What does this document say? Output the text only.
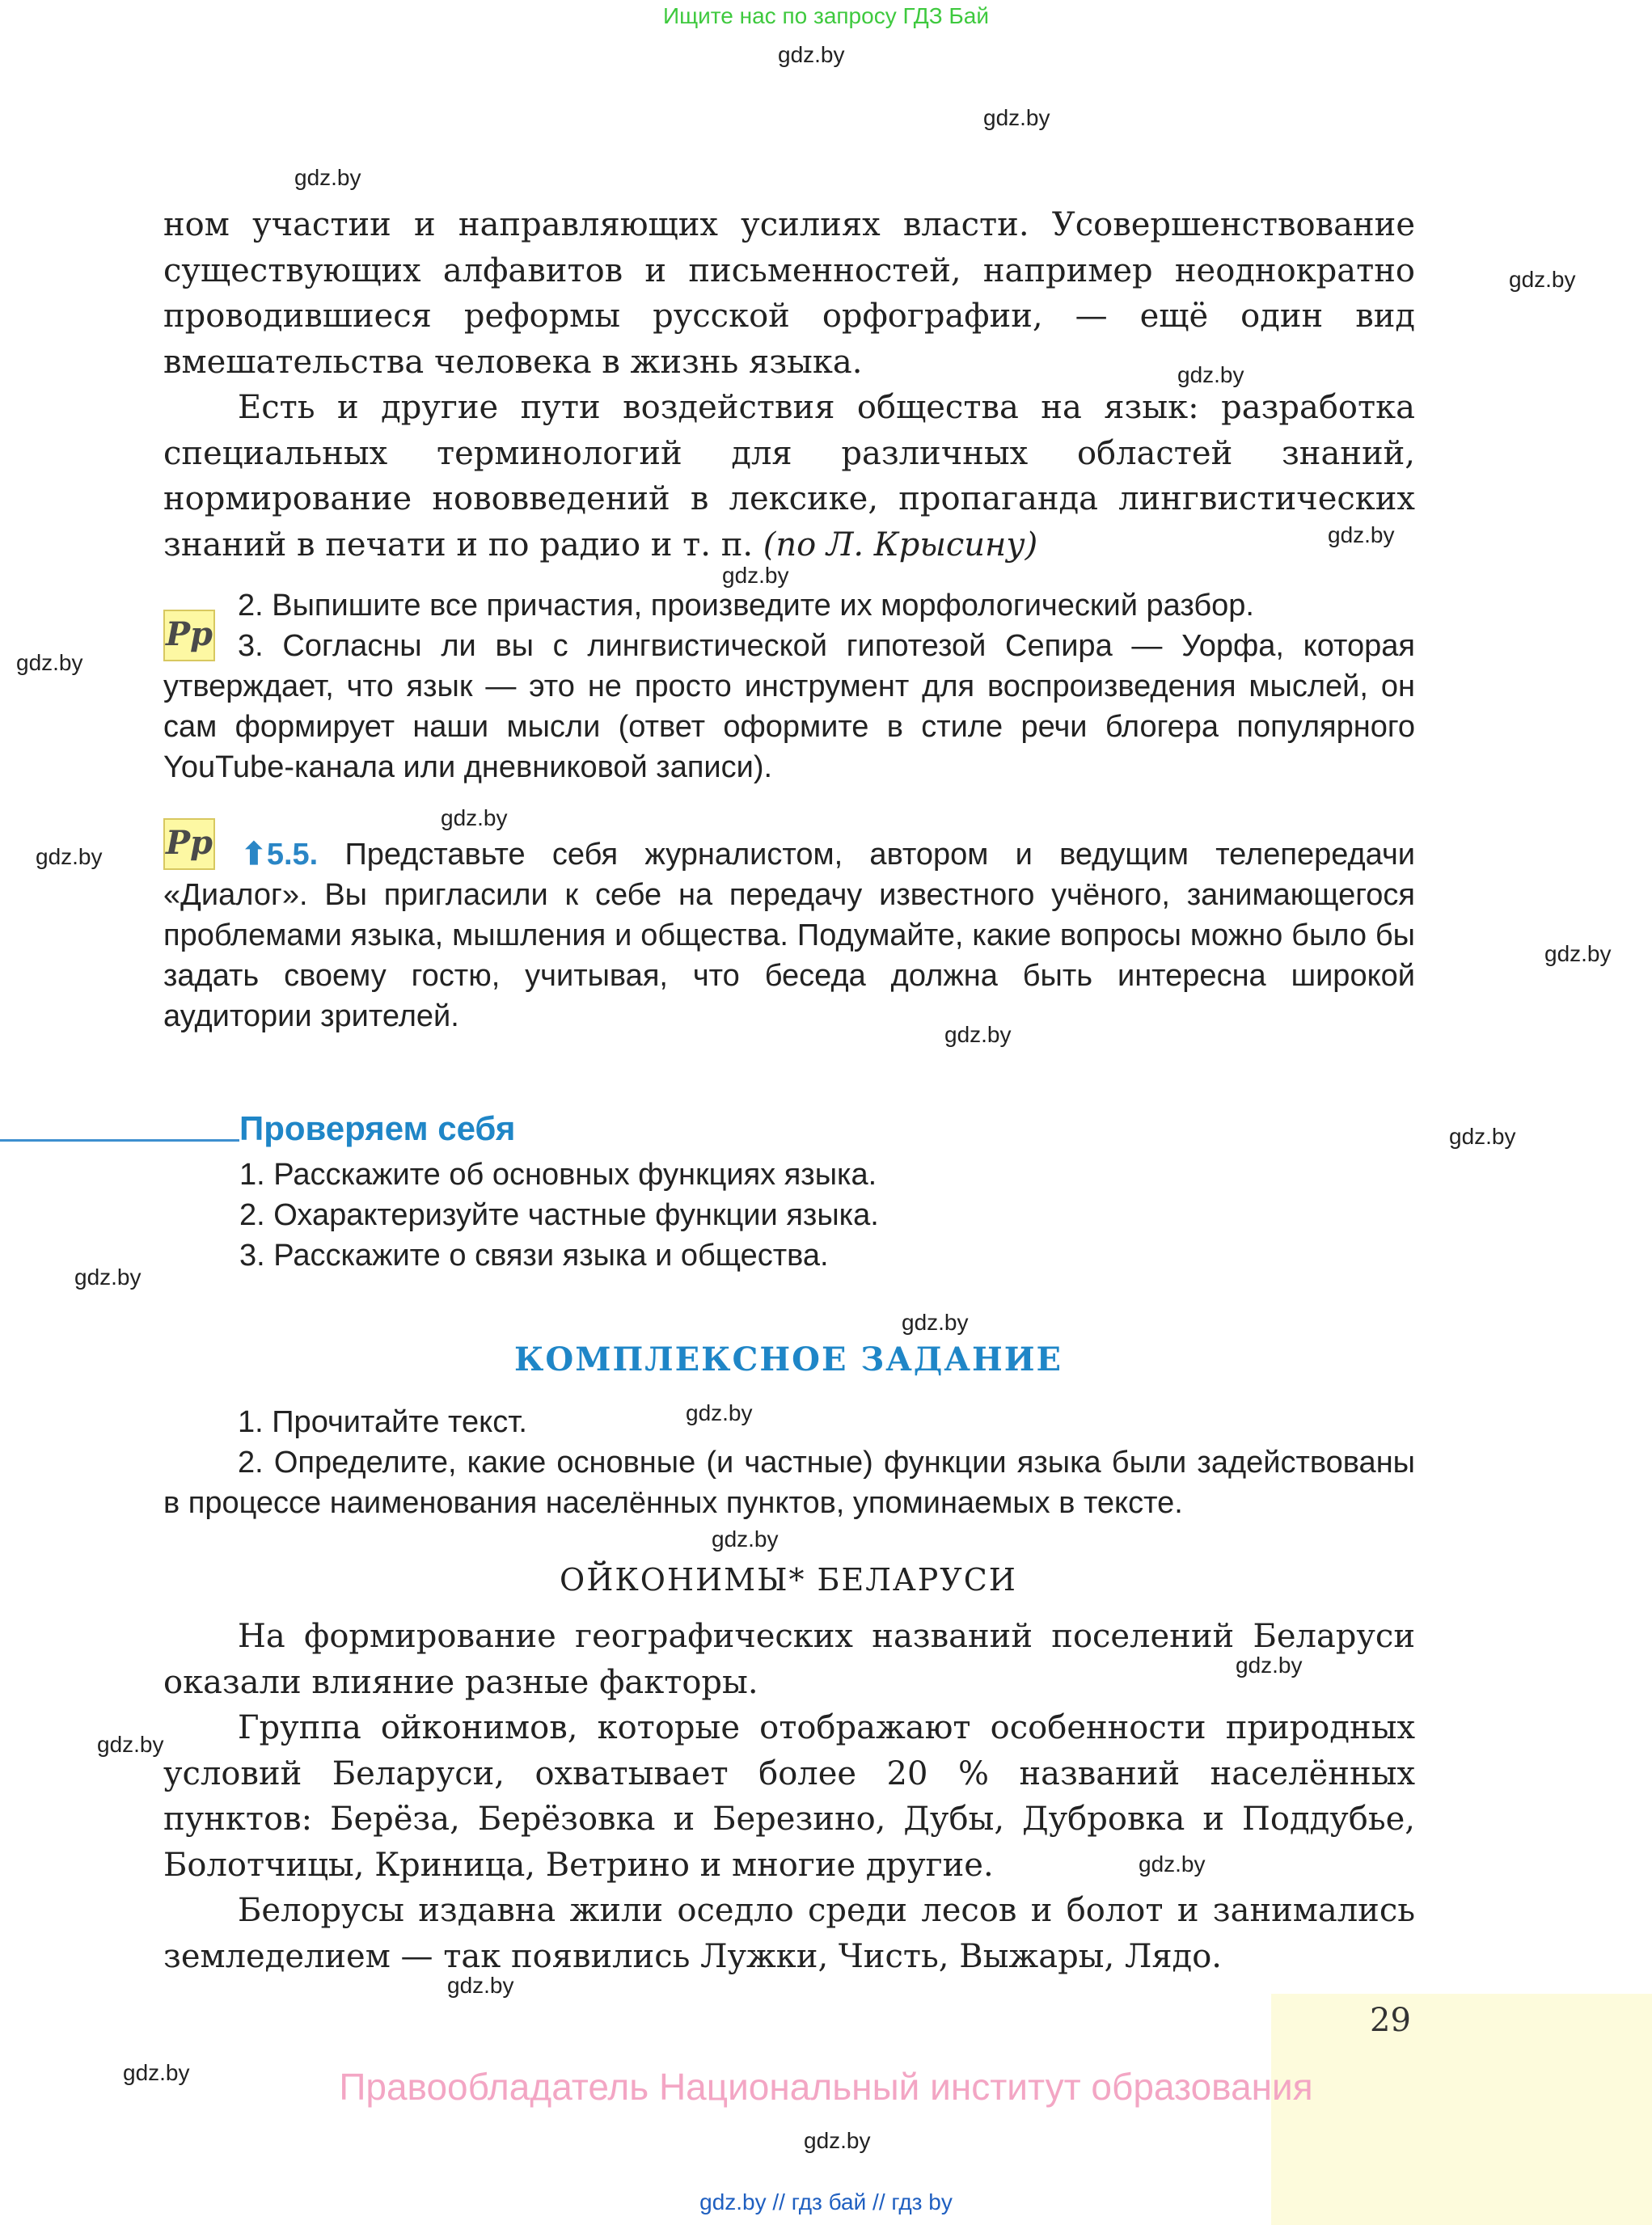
Ищите нас по запросу ГДЗ Бай
gdz.by
gdz.by
gdz.by
gdz.by
gdz.by
gdz.by
gdz.by
gdz.by
gdz.by
gdz.by
gdz.by
gdz.by
gdz.by
gdz.by
gdz.by
gdz.by
gdz.by
gdz.by
gdz.by
gdz.by
gdz.by
gdz.by
gdz.by

ном участии и направляющих усилиях власти. Усовершенствование существующих алфавитов и письменностей, например неоднократно проводившиеся реформы русской орфографии, — ещё один вид вмешательства человека в жизнь языка.

Есть и другие пути воздействия общества на язык: разработка специальных терминологий для различных областей знаний, нормирование нововведений в лексике, пропаганда лингвистических знаний в печати и по радио и т. п. (по Л. Крысину)

Pp

2. Выпишите все причастия, произведите их морфологический разбор.

3. Согласны ли вы с лингвистической гипотезой Сепира — Уорфа, которая утверждает, что язык — это не просто инструмент для воспроизведения мыслей, он сам формирует наши мысли (ответ оформите в стиле речи блогера популярного YouTube-канала или дневниковой записи).

Pp ⬆5.5. Представьте себя журналистом, автором и ведущим телепередачи «Диалог». Вы пригласили к себе на передачу известного учёного, занимающегося проблемами языка, мышления и общества. Подумайте, какие вопросы можно было бы задать своему гостю, учитывая, что беседа должна быть интересна широкой аудитории зрителей.

Проверяем себя

1. Расскажите об основных функциях языка.

2. Охарактеризуйте частные функции языка.

3. Расскажите о связи языка и общества.

КОМПЛЕКСНОЕ ЗАДАНИЕ

1. Прочитайте текст.

2. Определите, какие основные (и частные) функции языка были задействованы в процессе наименования населённых пунктов, упоминаемых в тексте.

ОЙКОНИМЫ* БЕЛАРУСИ

На формирование географических названий поселений Беларуси оказали влияние разные факторы.

Группа ойконимов, которые отображают особенности природных условий Беларуси, охватывает более 20 % названий населённых пунктов: Берёза, Берёзовка и Березино, Дубы, Дубровка и Поддубье, Болотчицы, Криница, Ветрино и многие другие.

Белорусы издавна жили оседло среди лесов и болот и занимались земледелием — так появились Лужки, Чисть, Выжары, Лядо.

29
Правообладатель Национальный институт образования
gdz.by // гдз бай // гдз by
